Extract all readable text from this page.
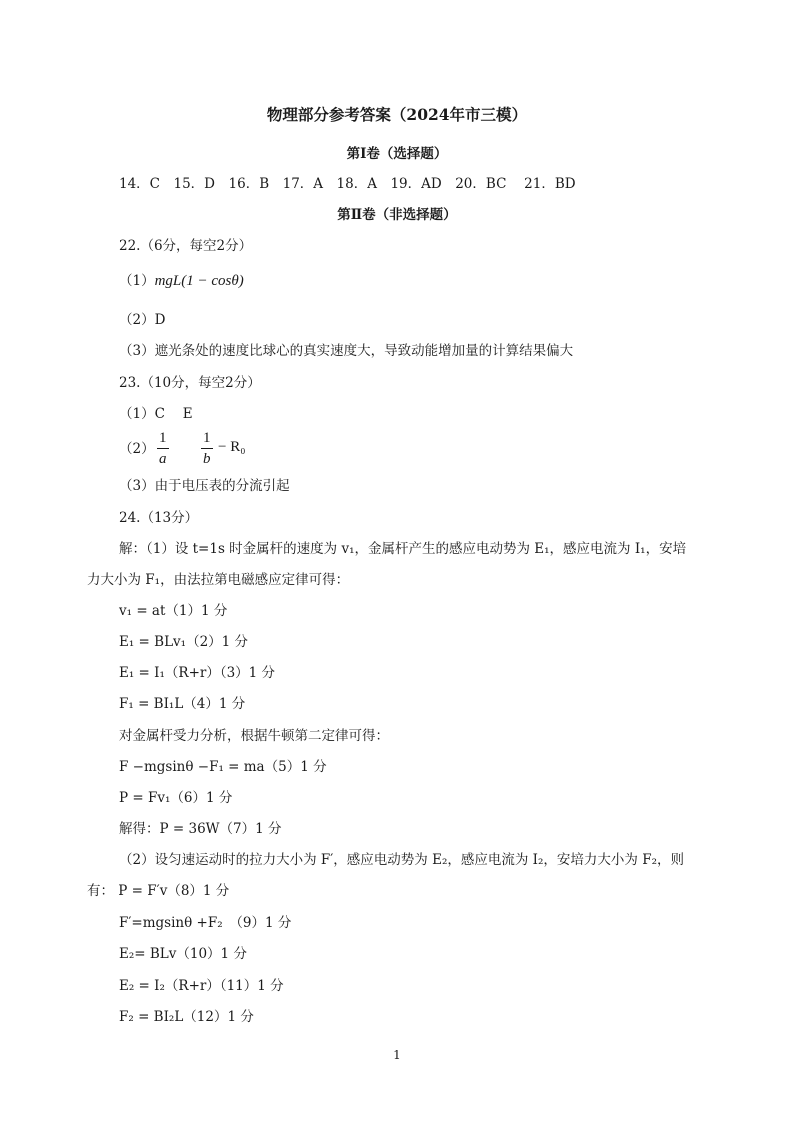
物理部分参考答案（2024年市三模）
第Ⅰ卷（选择题）
14．C　15．D　16．B　17．A　18．A　19．AD　20．BC　 21．BD
第Ⅱ卷（非选择题）
22.（6分，每空2分）
（1）mgL(1 − cosθ)
（2）D
（3）遮光条处的速度比球心的真实速度大，导致动能增加量的计算结果偏大
23.（10分，每空2分）
（1）C　 E
$(2) \frac{1}{a} \frac{1}{b} - R_0$
（3）由于电压表的分流引起
24.（13分）
解：（1）设 t=1s 时金属杆的速度为 v₁，金属杆产生的感应电动势为 E₁，感应电流为 I₁，安培
力大小为 F₁，由法拉第电磁感应定律可得：
v₁ = at（1）1 分
E₁ = BLv₁（2）1 分
E₁ = I₁（R+r）（3）1 分
F₁ = BI₁L（4）1 分
对金属杆受力分析，根据牛顿第二定律可得：
F −mgsinθ −F₁ = ma（5）1 分
P = Fv₁（6）1 分
解得：P = 36W（7）1 分
（2）设匀速运动时的拉力大小为 F′，感应电动势为 E₂，感应电流为 I₂，安培力大小为 F₂，则
有： P = F′v（8）1 分
F′=mgsinθ +F₂　（9）1 分
E₂= BLv（10）1 分
E₂ = I₂（R+r）（11）1 分
F₂ = BI₂L（12）1 分
1
